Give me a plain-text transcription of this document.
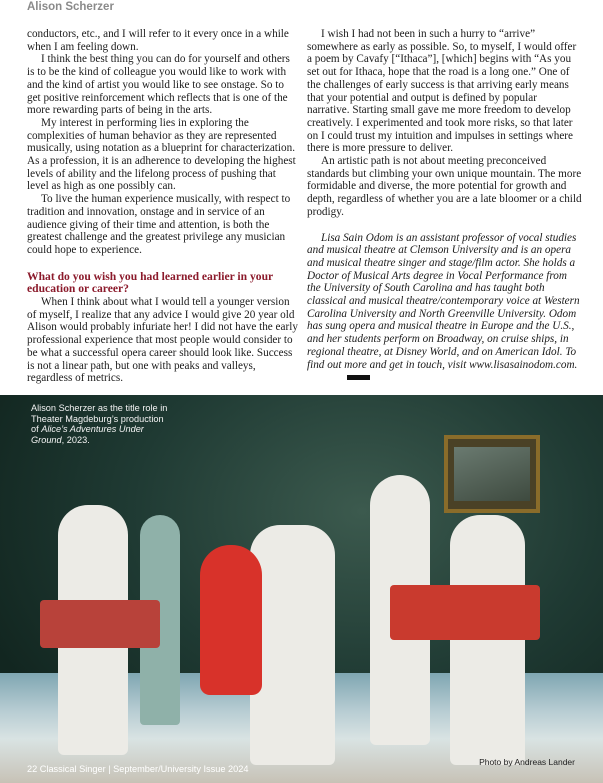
Alison Scherzer

conductors, etc., and I will refer to it every once in a while when I am feeling down.

I think the best thing you can do for yourself and others is to be the kind of colleague you would like to work with and the kind of artist you would like to see onstage. So to get positive reinforcement which reflects that is one of the more rewarding parts of being in the arts.

My interest in performing lies in exploring the complexities of human behavior as they are represented musically, using notation as a blueprint for characterization. As a profession, it is an adherence to developing the highest levels of ability and the lifelong process of pushing that level as high as one possibly can.

To live the human experience musically, with respect to tradition and innovation, onstage and in service of an audience giving of their time and attention, is both the greatest challenge and the greatest privilege any musician could hope to experience.

What do you wish you had learned earlier in your education or career?

When I think about what I would tell a younger version of myself, I realize that any advice I would give 20 year old Alison would probably infuriate her! I did not have the early professional experience that most people would consider to be what a successful opera career should look like. Success is not a linear path, but one with peaks and valleys, regardless of metrics.

I wish I had not been in such a hurry to “arrive” somewhere as early as possible. So, to myself, I would offer a poem by Cavafy [“Ithaca”], [which] begins with “As you set out for Ithaca, hope that the road is a long one.” One of the challenges of early success is that arriving early means that your potential and output is defined by popular narrative. Starting small gave me more freedom to develop creatively. I experimented and took more risks, so that later on I could trust my intuition and impulses in settings where there is more pressure to deliver.

An artistic path is not about meeting preconceived standards but climbing your own unique mountain. The more formidable and diverse, the more potential for growth and depth, regardless of whether you are a late bloomer or a child prodigy.

Lisa Sain Odom is an assistant professor of vocal studies and musical theatre at Clemson University and is an opera and musical theatre singer and stage/film actor. She holds a Doctor of Musical Arts degree in Vocal Performance from the University of South Carolina and has taught both classical and musical theatre/contemporary voice at Western Carolina University and North Greenville University. Odom has sung opera and musical theatre in Europe and the U.S., and her students perform on Broadway, on cruise ships, in regional theatre, at Disney World, and on American Idol. To find out more and get in touch, visit www.lisasainodom.com.

Alison Scherzer as the title role in Theater Magdeburg’s production of Alice’s Adventures Under Ground, 2023.
22 Classical Singer | September/University Issue 2024
Photo by Andreas Lander
